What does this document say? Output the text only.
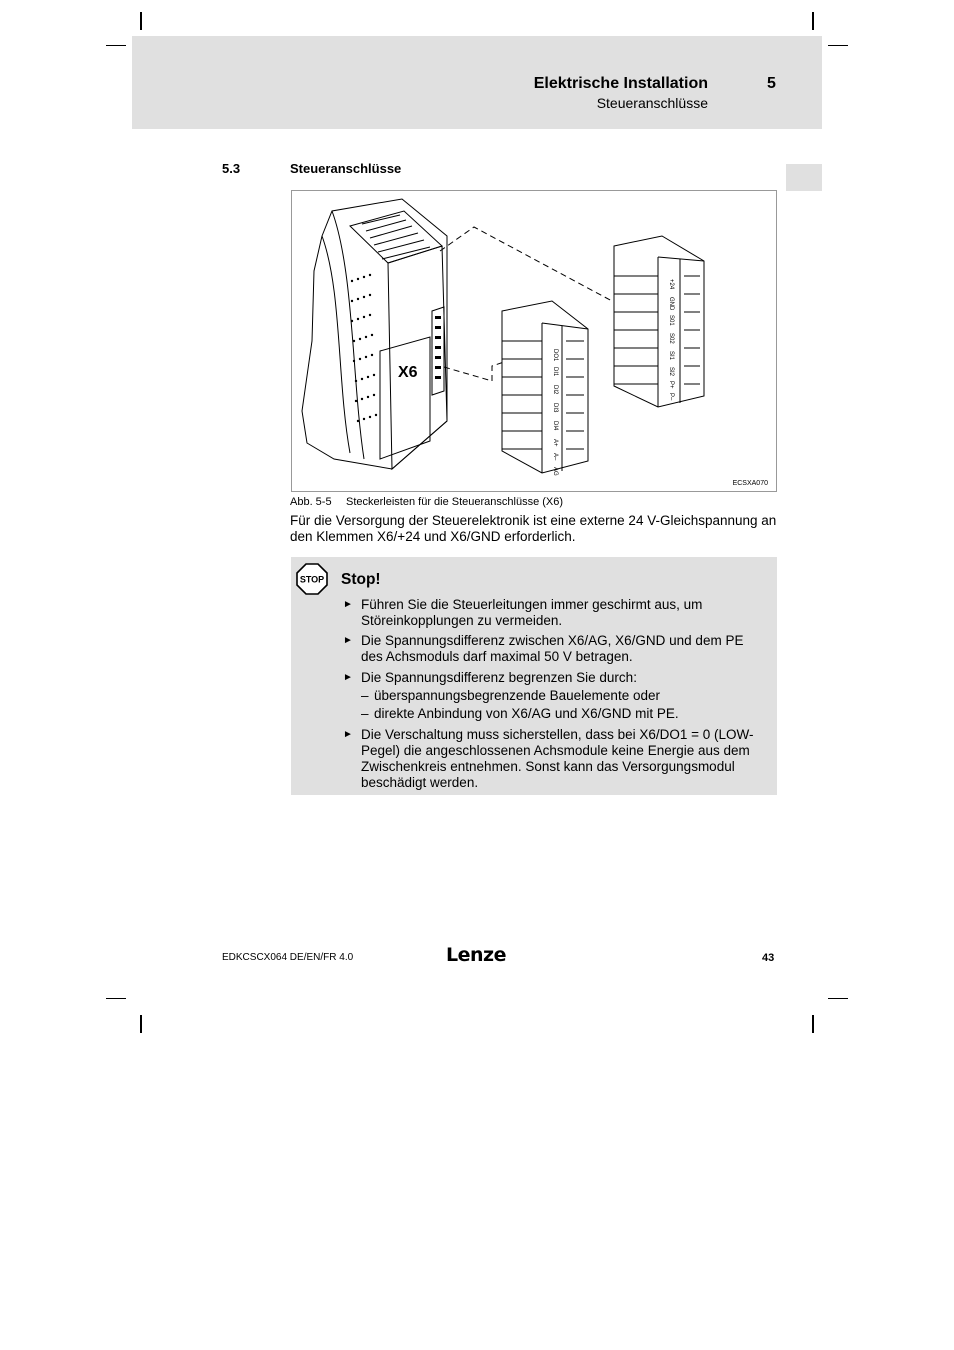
Elektrische Installation	5
Steueranschlüsse
5.3	Steueranschlüsse
X6
DO1
DI1
DI2
DI3
DI4
A+
A–
AG
+24
GND
S01
S02
SI1
SI2
P+
P–
ECSXA070
Abb. 5-5 Steckerleisten für die Steueranschlüsse (X6)
Für die Versorgung der Steuerelektronik ist eine externe 24 V-Gleichspannung an den Klemmen X6/+24 und X6/GND erforderlich.
STOP Stop!
► Führen Sie die Steuerleitungen immer geschirmt aus, um Störeinkopplungen zu vermeiden.
► Die Spannungsdifferenz zwischen X6/AG, X6/GND und dem PE des Achsmoduls darf maximal 50 V betragen.
► Die Spannungsdifferenz begrenzen Sie durch:
– überspannungsbegrenzende Bauelemente oder
– direkte Anbindung von X6/AG und X6/GND mit PE.
► Die Verschaltung muss sicherstellen, dass bei X6/DO1 = 0 (LOW-Pegel) die angeschlossenen Achsmodule keine Energie aus dem Zwischenkreis entnehmen. Sonst kann das Versorgungsmodul beschädigt werden.
EDKCSCX064 DE/EN/FR 4.0	Lenze	43
